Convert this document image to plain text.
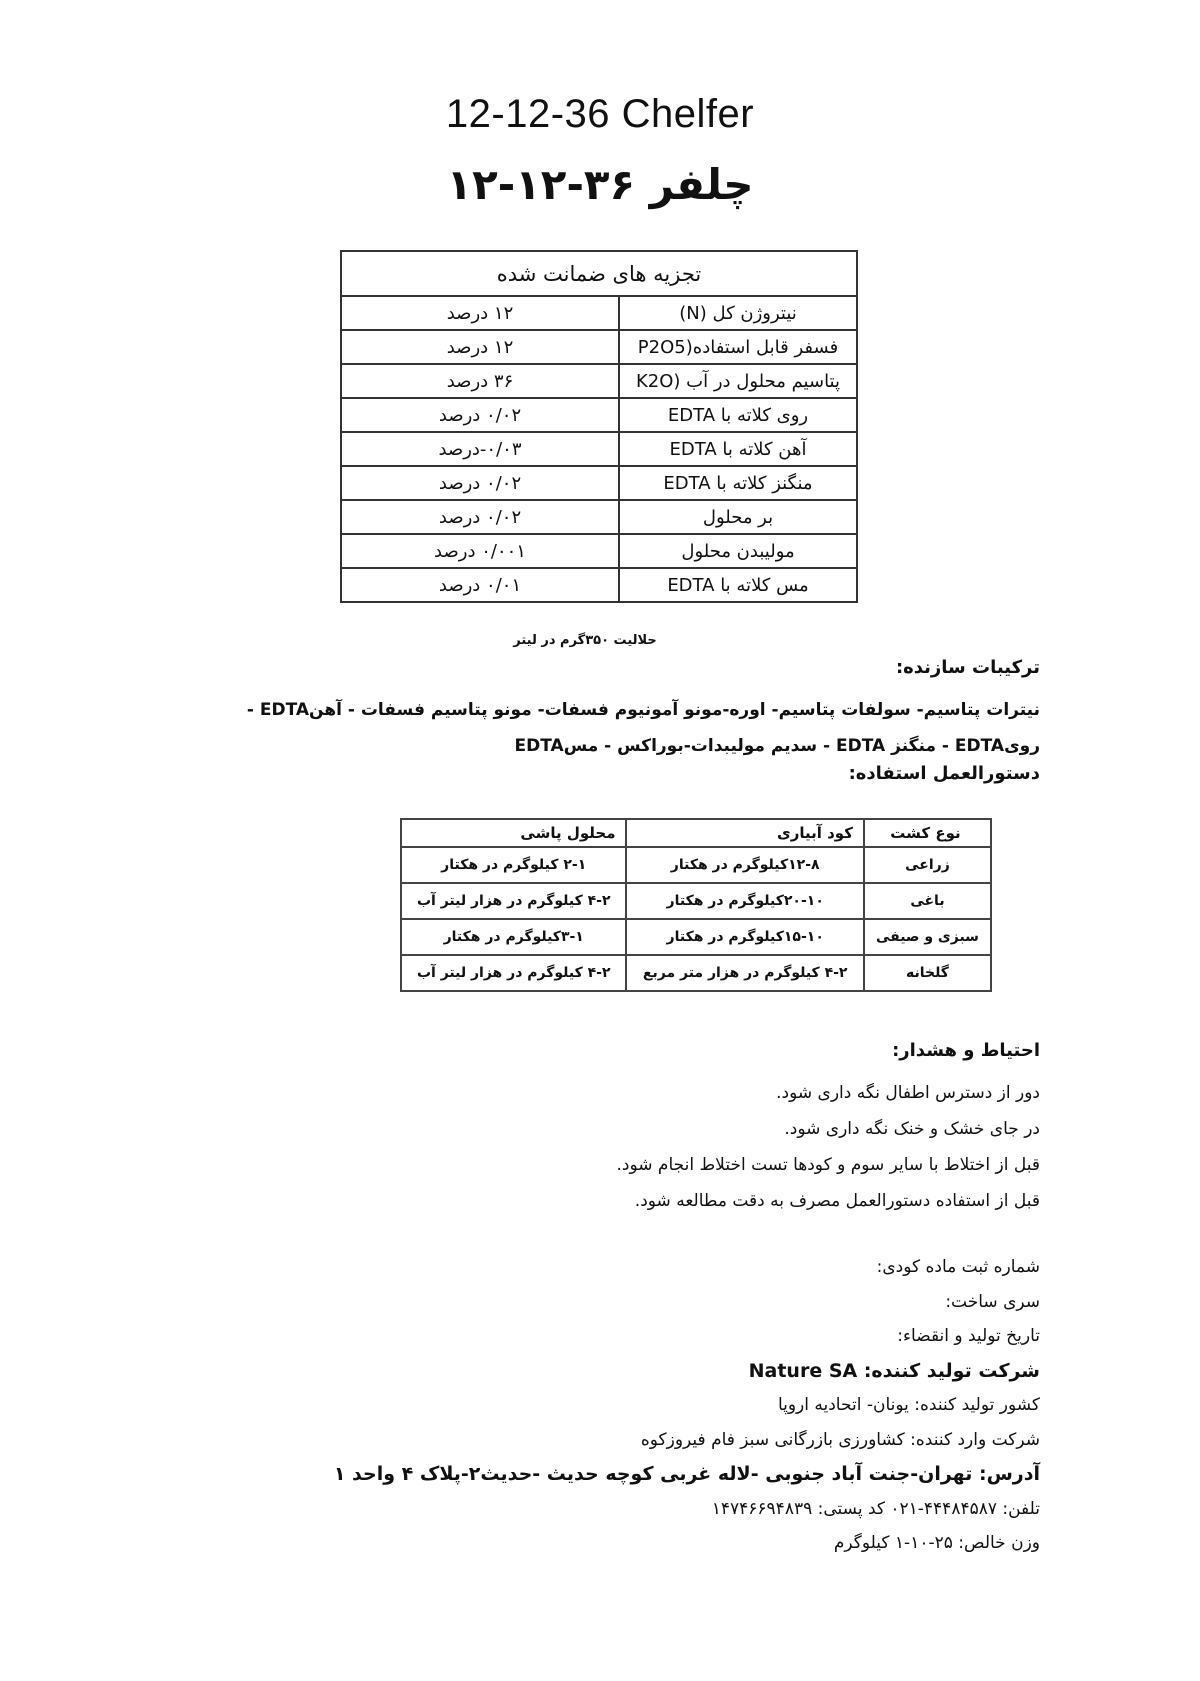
12-12-36 Chelfer
چلفر ۳۶-۱۲-۱۲
تجزیه های ضمانت شده	
نیتروژن کل (N)	۱۲ درصد
فسفر قابل استفاده(P2O5	۱۲ درصد
پتاسیم محلول در آب (K2O	۳۶ درصد
روی کلاته با EDTA	۰/۰۲ درصد
آهن کلاته با EDTA	۰/۰۳-درصد
منگنز کلاته با EDTA	۰/۰۲ درصد
بر محلول	۰/۰۲ درصد
مولیبدن محلول	۰/۰۰۱ درصد
مس کلاته با EDTA	۰/۰۱ درصد
حلالیت ۳۵۰گرم در لیتر
ترکیبات سازنده:
نیترات پتاسیم- سولفات پتاسیم- اوره-مونو آمونیوم فسفات- مونو پتاسیم فسفات - آهنEDTA - رویEDTA - منگنز EDTA - سدیم مولیبدات-بوراکس - مسEDTA
دستورالعمل استفاده:
نوع کشت	کود آبیاری	محلول پاشی
زراعی	۱۲-۸کیلوگرم در هکتار	۲-۱ کیلوگرم در هکتار
باغی	۲۰-۱۰کیلوگرم در هکتار	۴-۲ کیلوگرم در هزار لیتر آب
سبزی و صیفی	۱۵-۱۰کیلوگرم در هکتار	۳-۱کیلوگرم در هکتار
گلخانه	۴-۲ کیلوگرم در هزار متر مربع	۴-۲ کیلوگرم در هزار لیتر آب
احتیاط و هشدار:
دور از دسترس اطفال نگه داری شود.
در جای خشک و خنک نگه داری شود.
قبل از اختلاط با سایر سوم و کودها تست اختلاط انجام شود.
قبل از استفاده دستورالعمل مصرف به دقت مطالعه شود.
شماره ثبت ماده کودی:
سری ساخت:
تاریخ تولید و انقضاء:
شرکت تولید کننده: Nature SA
کشور تولید کننده: یونان- اتحادیه اروپا
شرکت وارد کننده: کشاورزی بازرگانی سبز فام فیروزکوه
آدرس: تهران-جنت آباد جنوبی -لاله غربی کوچه حدیث -حدیث۲-پلاک ۴ واحد ۱
تلفن: ۴۴۴۸۴۵۸۷-۰۲۱ کد پستی: ۱۴۷۴۶۶۹۴۸۳۹
وزن خالص: ۲۵-۱۰-۱ کیلوگرم
